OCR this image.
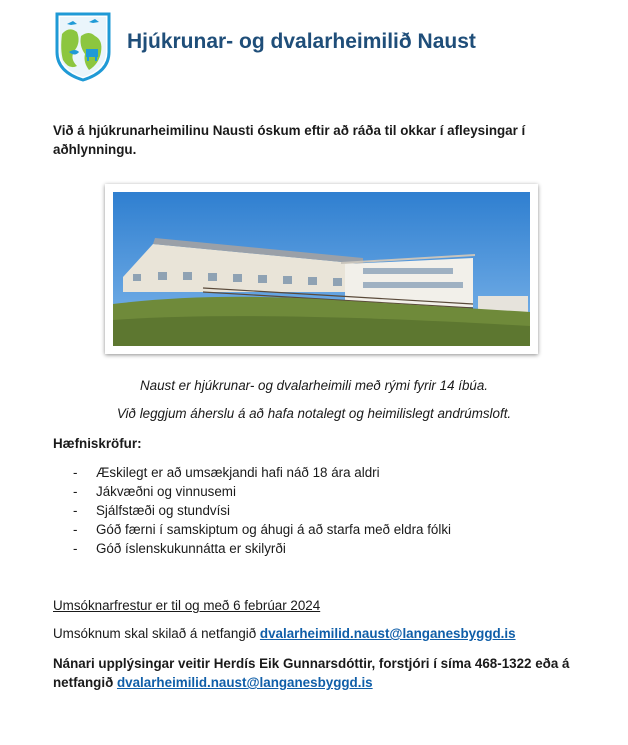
Hjúkrunar- og dvalarheimilið Naust
Við á hjúkrunarheimilinu Nausti óskum eftir að ráða til okkar í afleysingar í aðhlynningu.
Naust er hjúkrunar- og dvalarheimili með rými fyrir 14 íbúa.
Við leggjum áherslu á að hafa notalegt og heimilislegt andrúmsloft.
Hæfniskröfur:
- Æskilegt er að umsækjandi hafi náð 18 ára aldri
- Jákvæðni og vinnusemi
- Sjálfstæði og stundvísi
- Góð færni í samskiptum og áhugi á að starfa með eldra fólki
- Góð íslenskukunnátta er skilyrði
Umsóknarfrestur er til og með 6 febrúar 2024
Umsóknum skal skilað á netfangið dvalarheimilid.naust@langanesbyggd.is
Nánari upplýsingar veitir Herdís Eik Gunnarsdóttir, forstjóri í síma 468-1322 eða á netfangið dvalarheimilid.naust@langanesbyggd.is
